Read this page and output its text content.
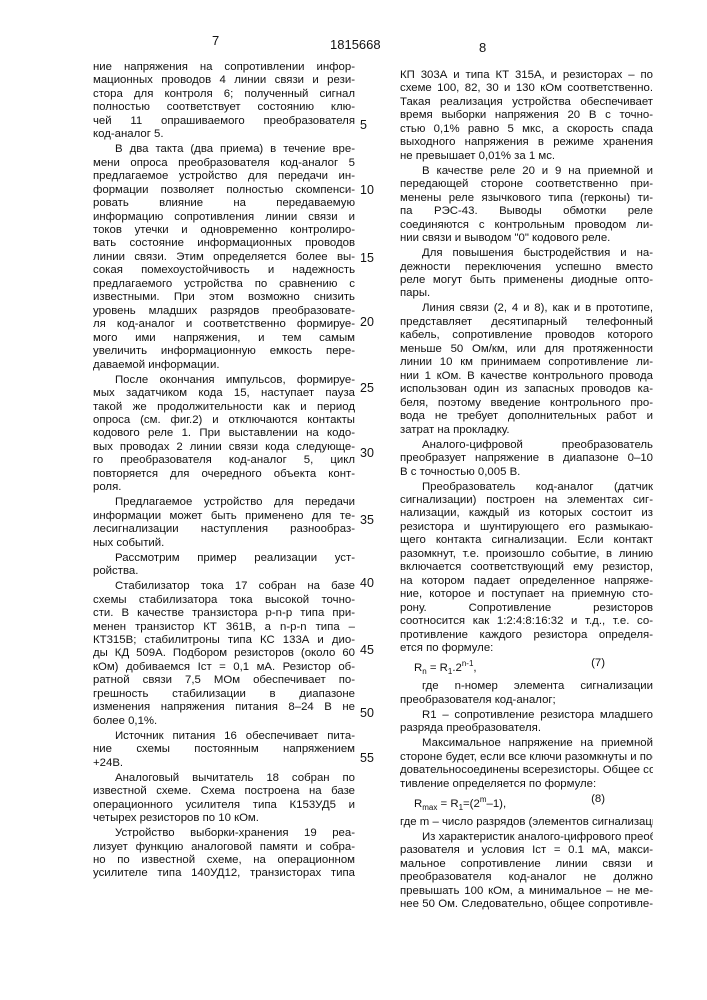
7	1815668	8
ние напряжения на сопротивлении инфор-
мационных проводов 4 линии связи и рези-
стора для контроля 6; полученный сигнал
полностью соответствует состоянию клю-
чей 11 опрашиваемого преобразователя
код-аналог 5.
В два такта (два приема) в течение вре-
мени опроса преобразователя код-аналог 5
предлагаемое устройство для передачи ин-
формации позволяет полностью скомпенси-
ровать влияние на передаваемую
информацию сопротивления линии связи и
токов утечки и одновременно контролиро-
вать состояние информационных проводов
линии связи. Этим определяется более вы-
сокая помехоустойчивость и надежность
предлагаемого устройства по сравнению с
известными. При этом возможно снизить
уровень младших разрядов преобразовате-
ля код-аналог и соответственно формируе-
мого ими напряжения, и тем самым
увеличить информационную емкость пере-
даваемой информации.
После окончания импульсов, формируе-
мых задатчиком кода 15, наступает пауза
такой же продолжительности как и период
опроса (см. фиг.2) и отключаются контакты
кодового реле 1. При выставлении на кодо-
вых проводах 2 линии связи кода следующе-
го преобразователя код-аналог 5, цикл
повторяется для очередного объекта конт-
роля.
Предлагаемое устройство для передачи
информации может быть применено для те-
лесигнализации наступления разнообраз-
ных событий.
Рассмотрим пример реализации уст-
ройства.
Стабилизатор тока 17 собран на базе
схемы стабилизатора тока высокой точно-
сти. В качестве транзистора р-n-р типа при-
менен транзистор КТ 361В, а n-р-n типа –
КТ315В; стабилитроны типа КС 133А и дио-
ды КД 509А. Подбором резисторов (около 60
кОм) добиваемся Iст = 0,1 мА. Резистор об-
ратной связи 7,5 МОм обеспечивает по-
грешность стабилизации в диапазоне
изменения напряжения питания 8–24 В не
более 0,1%.
Источник питания 16 обеспечивает пита-
ние схемы постоянным напряжением
+24В.
Аналоговый вычитатель 18 собран по
известной схеме. Схема построена на базе
операционного усилителя типа К153УД5 и
четырех резисторов по 10 кОм.
Устройство выборки-хранения 19 реа-
лизует функцию аналоговой памяти и собра-
но по известной схеме, на операционном
усилителе типа 140УД12, транзисторах типа
5
10
15
20
25
30
35
40
45
50
55
КП 303А и типа КТ 315А, и резисторах – по
схеме 100, 82, 30 и 130 кОм соответственно.
Такая реализация устройства обеспечивает
время выборки напряжения 20 В с точно-
стью 0,1% равно 5 мкс, а скорость спада
выходного напряжения в режиме хранения
не превышает 0,01% за 1 мс.
В качестве реле 20 и 9 на приемной и
передающей стороне соответственно при-
менены реле язычкового типа (герконы) ти-
па РЭС-43. Выводы обмотки реле
соединяются с контрольным проводом ли-
нии связи и выводом "0" кодового реле.
Для повышения быстродействия и на-
дежности переключения успешно вместо
реле могут быть применены диодные опто-
пары.
Линия связи (2, 4 и 8), как и в прототипе,
представляет десятипарный телефонный
кабель, сопротивление проводов которого
меньше 50 Ом/км, или для протяженности
линии 10 км принимаем сопротивление ли-
нии 1 кОм. В качестве контрольного провода
использован один из запасных проводов ка-
беля, поэтому введение контрольного про-
вода не требует дополнительных работ и
затрат на прокладку.
Аналого-цифровой преобразователь
преобразует напряжение в диапазоне 0–10
В с точностью 0,005 В.
Преобразователь код-аналог (датчик
сигнализации) построен на элементах сиг-
нализации, каждый из которых состоит из
резистора и шунтирующего его размыкаю-
щего контакта сигнализации. Если контакт
разомкнут, т.е. произошло событие, в линию
включается соответствующий ему резистор,
на котором падает определенное напряже-
ние, которое и поступает на приемную сто-
рону. Сопротивление резисторов
соотносится как 1:2:4:8:16:32 и т.д., т.е. со-
противление каждого резистора определя-
ется по формуле:
Rn = R1.2n-1,	(7)
где n-номер элемента сигнализации
преобразователя код-аналог;
R1 – сопротивление резистора младшего
разряда преобразователя.
Максимальное напряжение на приемной
стороне будет, если все ключи разомкнуты и после-
довательносоединены всерезисторы. Общее сопро-
тивление определяется по формуле:
Rmax = R1=(2m–1),	(8)
где m – число разрядов (элементов сигнализации).
Из характеристик аналого-цифрового преоб-
разователя и условия Iст = 0.1 мА, макси-
мальное сопротивление линии связи и
преобразователя код-аналог не должно
превышать 100 кОм, а минимальное – не ме-
нее 50 Ом. Следовательно, общее сопротивле-
